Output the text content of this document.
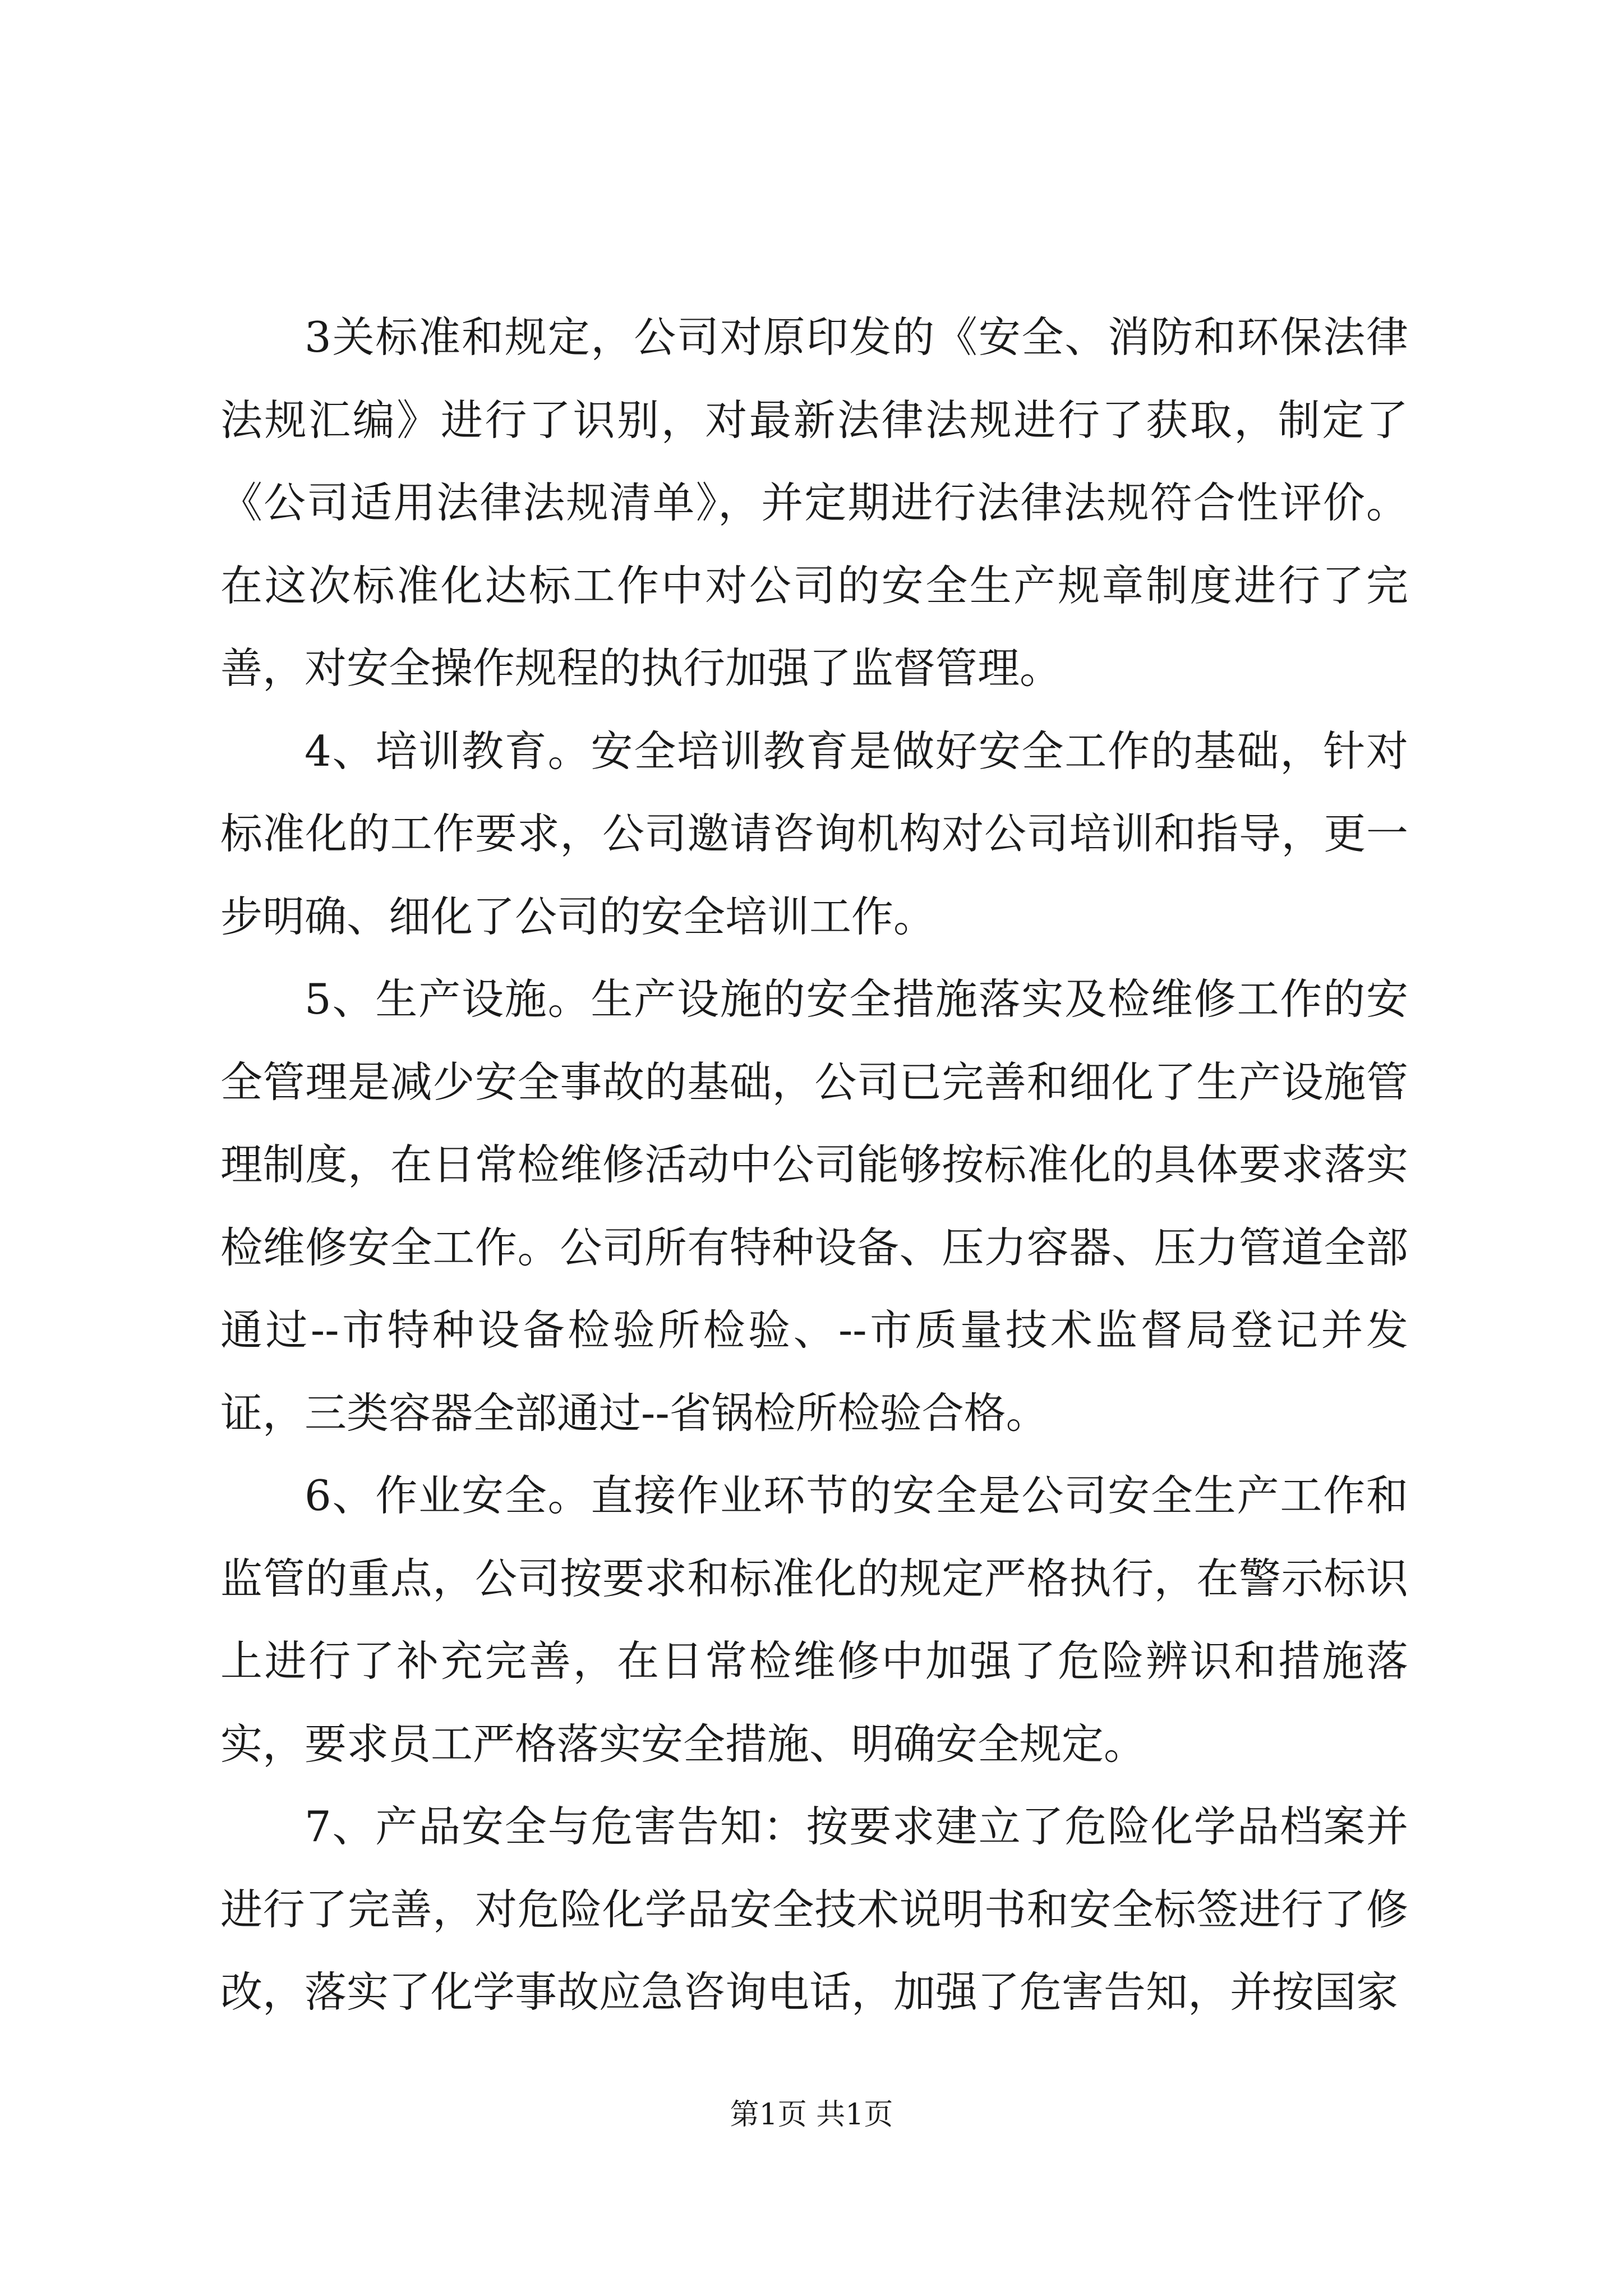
3关标准和规定，公司对原印发的《安全、消防和环保法律法规汇编》进行了识别，对最新法律法规进行了获取，制定了《公司适用法律法规清单》，并定期进行法律法规符合性评价。在这次标准化达标工作中对公司的安全生产规章制度进行了完善，对安全操作规程的执行加强了监督管理。

4、培训教育。安全培训教育是做好安全工作的基础，针对标准化的工作要求，公司邀请咨询机构对公司培训和指导，更一步明确、细化了公司的安全培训工作。

5、生产设施。生产设施的安全措施落实及检维修工作的安全管理是减少安全事故的基础，公司已完善和细化了生产设施管理制度，在日常检维修活动中公司能够按标准化的具体要求落实检维修安全工作。公司所有特种设备、压力容器、压力管道全部通过--市特种设备检验所检验、--市质量技术监督局登记并发证，三类容器全部通过--省锅检所检验合格。

6、作业安全。直接作业环节的安全是公司安全生产工作和监管的重点，公司按要求和标准化的规定严格执行，在警示标识上进行了补充完善，在日常检维修中加强了危险辨识和措施落实，要求员工严格落实安全措施、明确安全规定。

7、产品安全与危害告知：按要求建立了危险化学品档案并进行了完善，对危险化学品安全技术说明书和安全标签进行了修改，落实了化学事故应急咨询电话，加强了危害告知，并按国家

第1页 共1页
